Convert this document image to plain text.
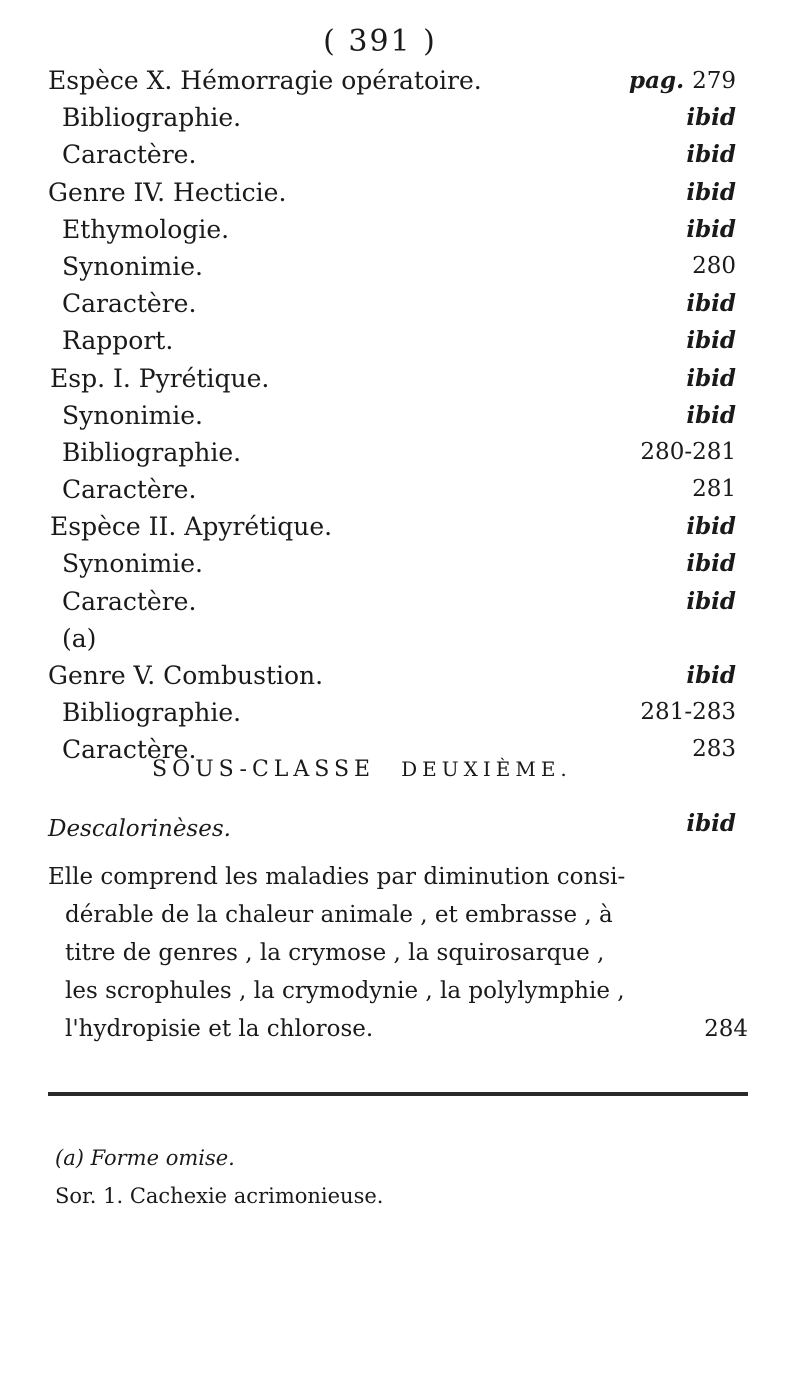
( 391 )
Espèce X. Hémorragie opératoire.	pag. 279
Bibliographie.	ibid
Caractère.	ibid
Genre IV. Hecticie.	ibid
Ethymologie.	ibid
Synonimie.	280
Caractère.	ibid
Rapport.	ibid
Esp. I. Pyrétique.	ibid
Synonimie.	ibid
Bibliographie.	280-281
Caractère.	281
Espèce II. Apyrétique.	ibid
Synonimie.	ibid
Caractère.	ibid
(a)
Genre V. Combustion.	ibid
Bibliographie.	281-283
Caractère.	283
SOUS-CLASSE DEUXIÈME.
Descalorinèses.	ibid
Elle comprend les maladies par diminution consi-
dérable de la chaleur animale , et embrasse , à
titre de genres , la crymose , la squirosarque ,
les scrophules , la crymodynie , la polylymphie ,
l'hydropisie et la chlorose.	284
(a) Forme omise.
Sor. 1. Cachexie acrimonieuse.
